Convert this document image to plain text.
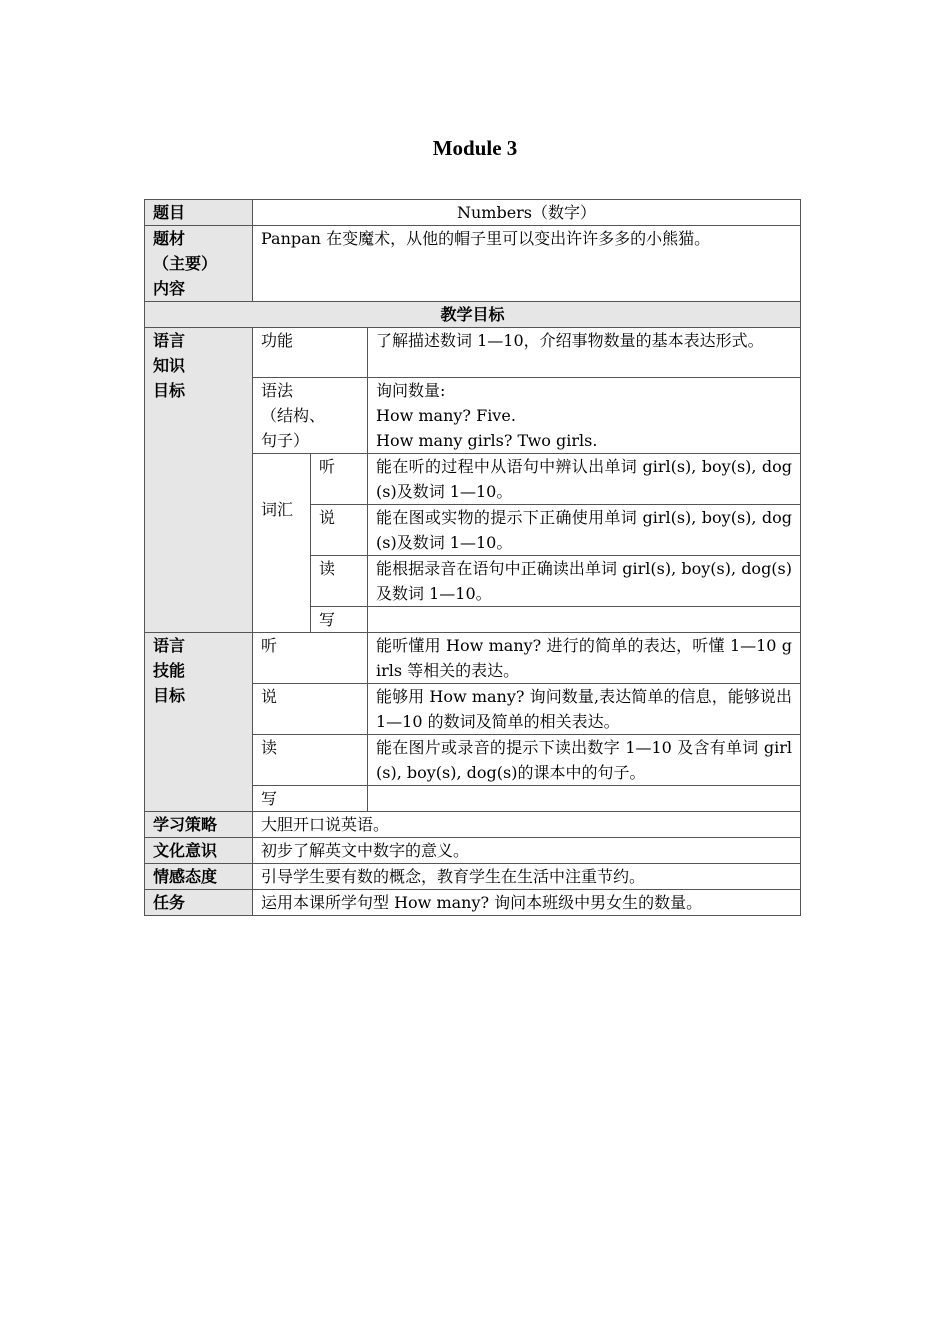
Module 3
题目	Numbers（数字）		

题材
（主要）
内容	Panpan 在变魔术，从他的帽子里可以变出许许多多的小熊猫。		
教学目标			

语言
知识
目标	功能		了解描述数词 1—10，介绍事物数量的基本表达形式。

	语法
（结构、
句子）		询问数量:
How many? Five.
How many girls? Two girls.

	词汇	听	能在听的过程中从语句中辨认出单词 girl(s), boy(s), dog(s)及数词 1—10。
		说	能在图或实物的提示下正确使用单词 girl(s), boy(s), dog(s)及数词 1—10。
		读	能根据录音在语句中正确读出单词 girl(s), boy(s), dog(s) 及数词 1—10。
		写	

语言
技能
目标	听		能听懂用 How many? 进行的简单的表达，听懂 1—10 girls 等相关的表达。
	说		能够用 How many? 询问数量,表达简单的信息，能够说出 1—10 的数词及简单的相关表达。
	读		能在图片或录音的提示下读出数字 1—10 及含有单词 girl(s), boy(s), dog(s)的课本中的句子。
	写		
学习策略	大胆开口说英语。		
文化意识	初步了解英文中数字的意义。		
情感态度	引导学生要有数的概念，教育学生在生活中注重节约。		
任务	运用本课所学句型 How many? 询问本班级中男女生的数量。		
